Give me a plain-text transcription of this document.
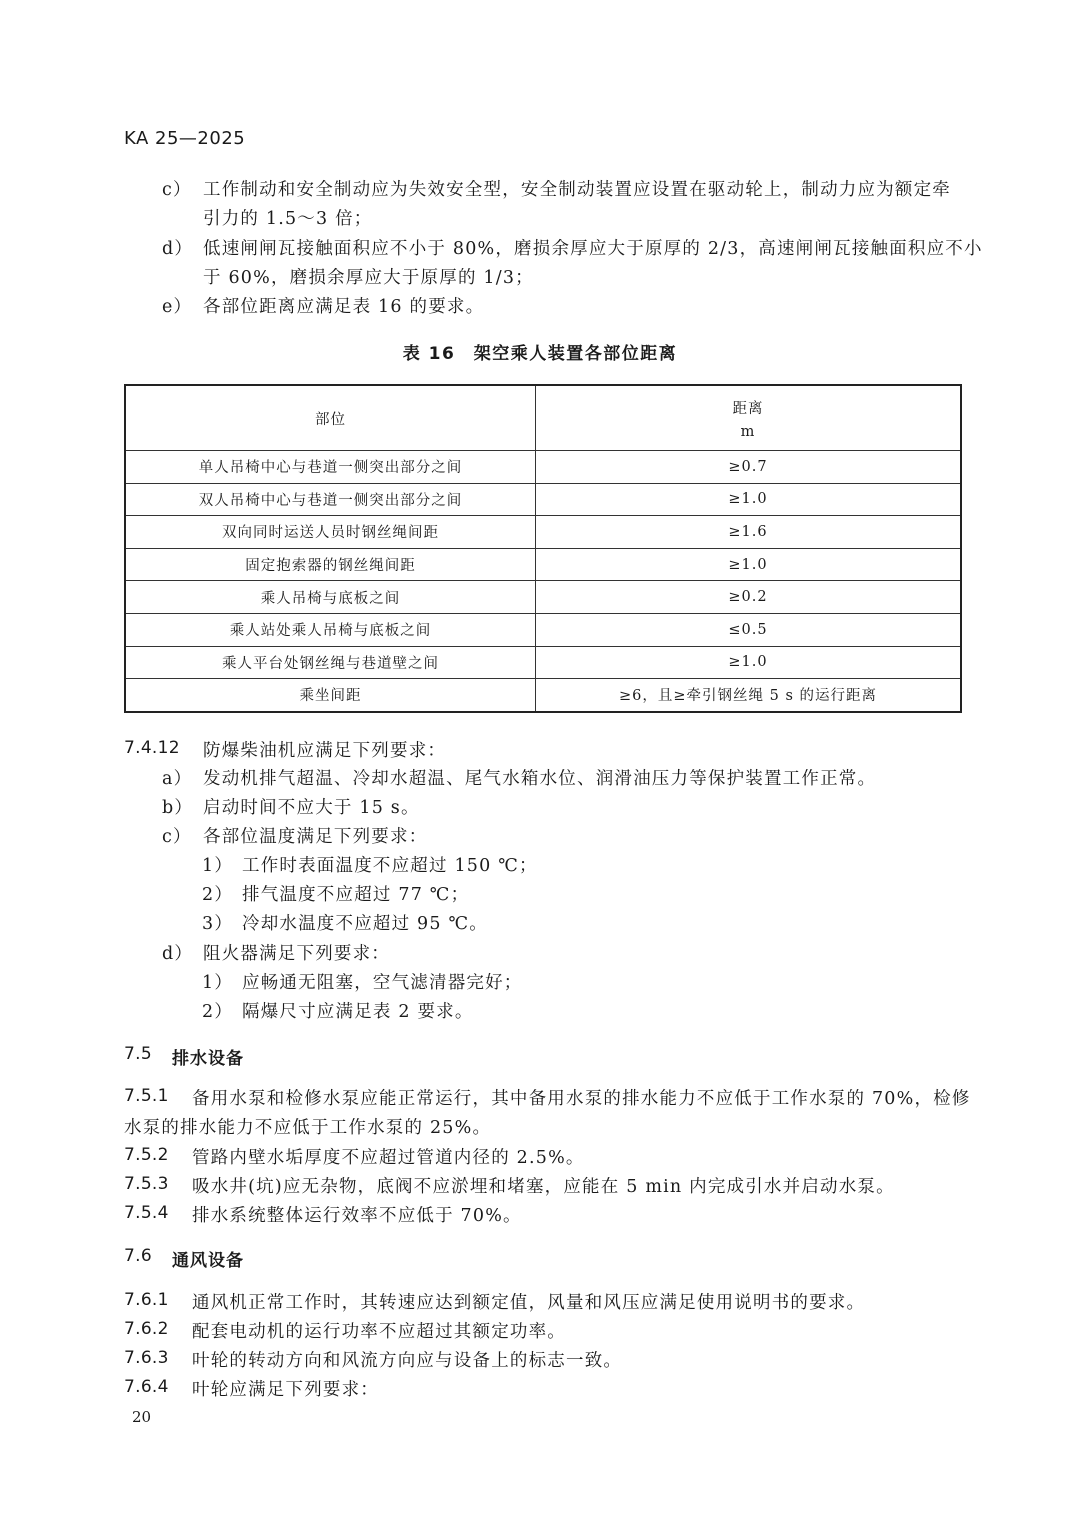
KA 25—2025
c） 工作制动和安全制动应为失效安全型，安全制动装置应设置在驱动轮上，制动力应为额定牵
引力的 1.5～3 倍；
d） 低速闸闸瓦接触面积应不小于 80%，磨损余厚应大于原厚的 2/3，高速闸闸瓦接触面积应不小
于 60%，磨损余厚应大于原厚的 1/3；
e） 各部位距离应满足表 16 的要求。
表 16　架空乘人装置各部位距离
部位	距离
m

单人吊椅中心与巷道一侧突出部分之间	≥0.7
双人吊椅中心与巷道一侧突出部分之间	≥1.0
双向同时运送人员时钢丝绳间距	≥1.6
固定抱索器的钢丝绳间距	≥1.0
乘人吊椅与底板之间	≥0.2
乘人站处乘人吊椅与底板之间	≤0.5
乘人平台处钢丝绳与巷道壁之间	≥1.0
乘坐间距	≥6，且≥牵引钢丝绳 5 s 的运行距离
7.4.12 防爆柴油机应满足下列要求：
a） 发动机排气超温、冷却水超温、尾气水箱水位、润滑油压力等保护装置工作正常。
b） 启动时间不应大于 15 s。
c） 各部位温度满足下列要求：
1） 工作时表面温度不应超过 150 ℃；
2） 排气温度不应超过 77 ℃；
3） 冷却水温度不应超过 95 ℃。
d） 阻火器满足下列要求：
1） 应畅通无阻塞，空气滤清器完好；
2） 隔爆尺寸应满足表 2 要求。
7.5 排水设备
7.5.1 备用水泵和检修水泵应能正常运行，其中备用水泵的排水能力不应低于工作水泵的 70%，检修
水泵的排水能力不应低于工作水泵的 25%。
7.5.2 管路内壁水垢厚度不应超过管道内径的 2.5%。
7.5.3 吸水井(坑)应无杂物，底阀不应淤埋和堵塞，应能在 5 min 内完成引水并启动水泵。
7.5.4 排水系统整体运行效率不应低于 70%。
7.6 通风设备
7.6.1 通风机正常工作时，其转速应达到额定值，风量和风压应满足使用说明书的要求。
7.6.2 配套电动机的运行功率不应超过其额定功率。
7.6.3 叶轮的转动方向和风流方向应与设备上的标志一致。
7.6.4 叶轮应满足下列要求：
20
